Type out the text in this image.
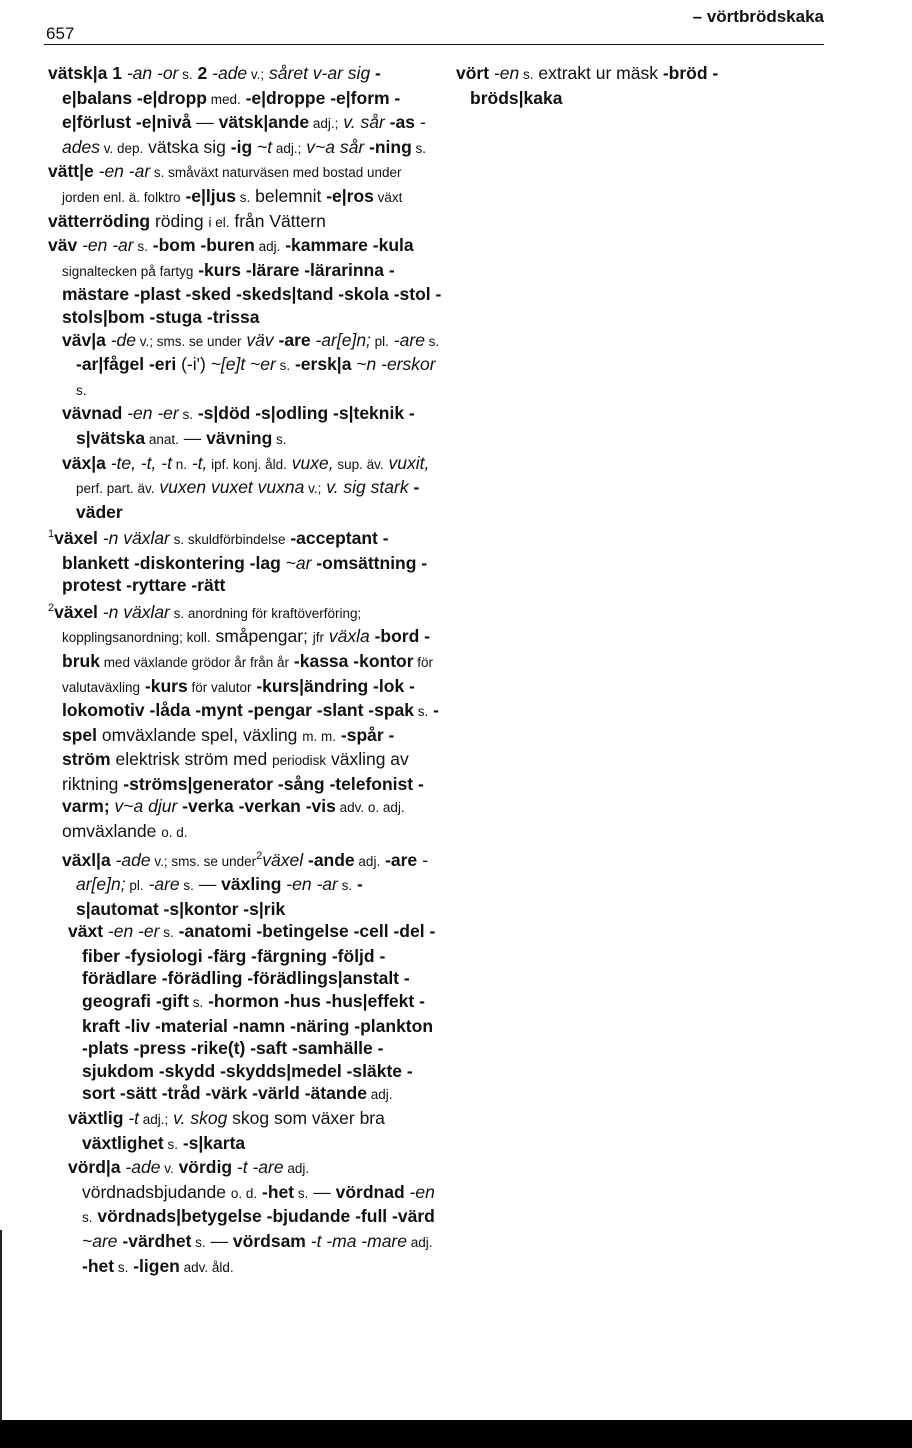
657
– vörtbrödskaka

vätsk|a 1 -an -or s. 2 -ade v.; såret v-ar sig -e|balans -e|dropp med. -e|droppe -e|form -e|förlust -e|nivå — vätsk|ande adj.; v. sår -as -ades v. dep. vätska sig -ig ~t adj.; v~a sår -ning s.

vätt|e -en -ar s. småväxt naturväsen med bostad under jorden enl. ä. folktro -e|ljus s. belemnit -e|ros växt

vätterröding röding i el. från Vättern

väv -en -ar s. -bom -buren adj. -kammare -kula signaltecken på fartyg -kurs -lärare -lärarinna -mästare -plast -sked -skeds|tand -skola -stol -stols|bom -stuga -trissa

väv|a -de v.; sms. se under väv -are -ar[e]n; pl. -are s. -ar|fågel -eri (-i') ~[e]t ~er s. -ersk|a ~n -erskor s.

vävnad -en -er s. -s|död -s|odling -s|teknik -s|vätska anat. — vävning s.

väx|a -te, -t, -t n. -t, ipf. konj. åld. vuxe, sup. äv. vuxit, perf. part. äv. vuxen vuxet vuxna v.; v. sig stark -väder

$^1$växel -n växlar s. skuldförbindelse -acceptant -blankett -diskontering -lag ~ar -omsättning -protest -ryttare -rätt

$^2$växel -n växlar s. anordning för kraftöverföring; kopplingsanordning; koll. småpengar; jfr växla -bord -bruk med växlande grödor år från år -kassa -kontor för valutaväxling -kurs för valutor -kurs|ändring -lok -lokomotiv -låda -mynt -pengar -slant -spak s. -spel omväxlande spel, växling m. m. -spår -ström elektrisk ström med periodisk växling av riktning -ströms|generator -sång -telefonist -varm; v~a djur -verka -verkan -vis adv. o. adj. omväxlande o. d.

växl|a -ade v.; sms. se under$^2$växel -ande adj. -are -ar[e]n; pl. -are s. — växling -en -ar s. -s|automat -s|kontor -s|rik

växt -en -er s. -anatomi -betingelse -cell -del -fiber -fysiologi -färg -färgning -följd -förädlare -förädling -förädlings|anstalt -geografi -gift s. -hormon -hus -hus|effekt -kraft -liv -material -namn -näring -plankton -plats -press -rike(t) -saft -samhälle -sjukdom -skydd -skydds|medel -släkte -sort -sätt -tråd -värk -värld -ätande adj.

växtlig -t adj.; v. skog skog som växer bra växtlighet s. -s|karta

vörd|a -ade v. vördig -t -are adj. vördnadsbjudande o. d. -het s. — vördnad -en s. vördnads|betygelse -bjudande -full -värd ~are -värdhet s. — vördsam -t -ma -mare adj. -het s. -ligen adv. åld.

vört -en s. extrakt ur mäsk -bröd -bröds|kaka
